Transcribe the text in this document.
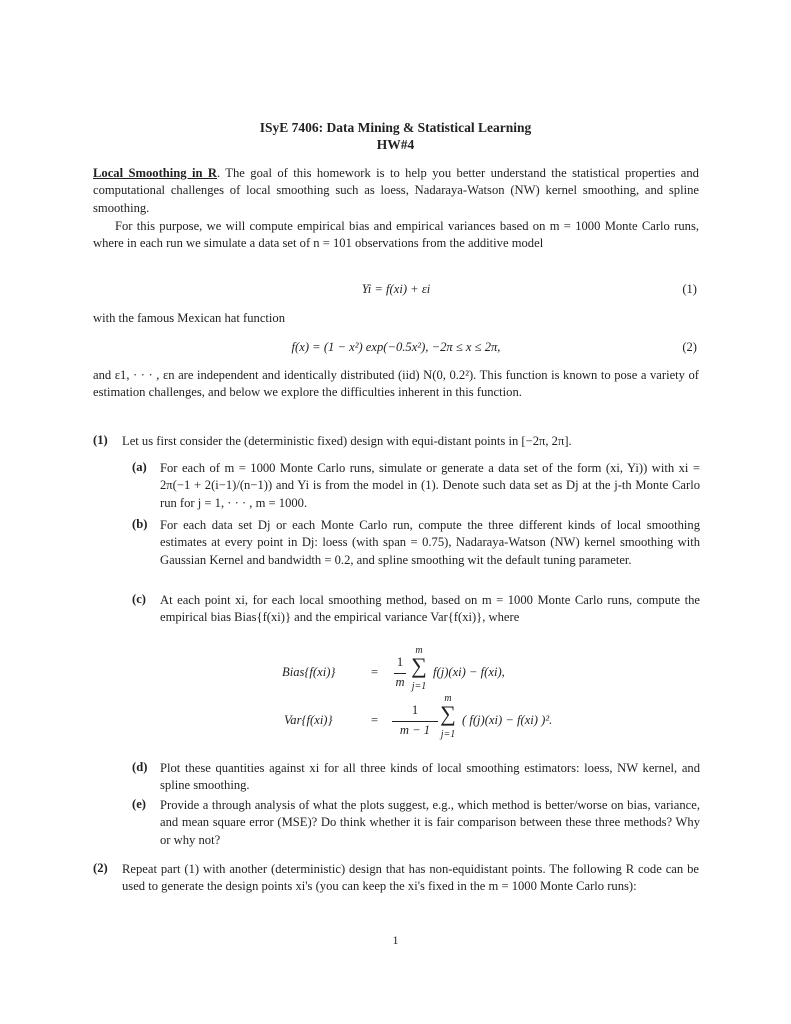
ISyE 7406: Data Mining & Statistical Learning
HW#4
Local Smoothing in R. The goal of this homework is to help you better understand the statistical properties and computational challenges of local smoothing such as loess, Nadaraya-Watson (NW) kernel smoothing, and spline smoothing.
For this purpose, we will compute empirical bias and empirical variances based on m = 1000 Monte Carlo runs, where in each run we simulate a data set of n = 101 observations from the additive model
Yi = f(xi) + εi	(1)
with the famous Mexican hat function
f(x) = (1 − x²) exp(−0.5x²), −2π ≤ x ≤ 2π,	(2)
and ε1, · · · , εn are independent and identically distributed (iid) N(0, 0.2²). This function is known to pose a variety of estimation challenges, and below we explore the difficulties inherent in this function.
(1) Let us first consider the (deterministic fixed) design with equi-distant points in [−2π, 2π].
(a) For each of m = 1000 Monte Carlo runs, simulate or generate a data set of the form (xi, Yi)) with xi = 2π(−1 + 2(i−1)/(n−1)) and Yi is from the model in (1). Denote such data set as Dj at the j-th Monte Carlo run for j = 1, · · · , m = 1000.
(b) For each data set Dj or each Monte Carlo run, compute the three different kinds of local smoothing estimates at every point in Dj: loess (with span = 0.75), Nadaraya-Watson (NW) kernel smoothing with Gaussian Kernel and bandwidth = 0.2, and spline smoothing wit the default tuning parameter.
(c) At each point xi, for each local smoothing method, based on m = 1000 Monte Carlo runs, compute the empirical bias Bias{f(xi)} and the empirical variance Var{f(xi)}, where
Bias{f(xi)}	=
1
m
m
∑
j=1
f(j)(xi) − f(xi),
Var{f(xi)}	=
1
m − 1
m
∑
j=1
( f(j)(xi) − f(xi) )².
(d) Plot these quantities against xi for all three kinds of local smoothing estimators: loess, NW kernel, and spline smoothing.
(e) Provide a through analysis of what the plots suggest, e.g., which method is better/worse on bias, variance, and mean square error (MSE)? Do think whether it is fair comparison between these three methods? Why or why not?
(2) Repeat part (1) with another (deterministic) design that has non-equidistant points. The following R code can be used to generate the design points xi's (you can keep the xi's fixed in the m = 1000 Monte Carlo runs):
1
